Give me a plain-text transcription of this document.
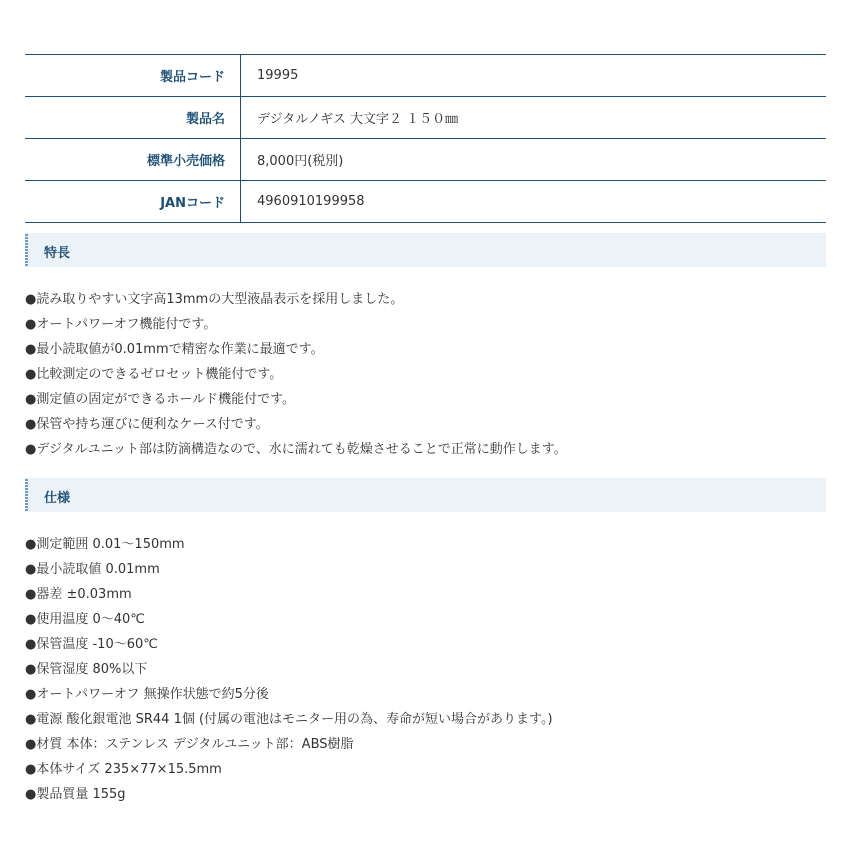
製品コード	19995
製品名	デジタルノギス 大文字２ １５０㎜
標準小売価格	8,000円(税別)
JANコード	4960910199958
特長
●読み取りやすい文字高13mmの大型液晶表示を採用しました。
●オートパワーオフ機能付です。
●最小読取値が0.01mmで精密な作業に最適です。
●比較測定のできるゼロセット機能付です。
●測定値の固定ができるホールド機能付です。
●保管や持ち運びに便利なケース付です。
●デジタルユニット部は防滴構造なので、水に濡れても乾燥させることで正常に動作します。
仕様
●測定範囲 0.01～150mm
●最小読取値 0.01mm
●器差 ±0.03mm
●使用温度 0～40℃
●保管温度 -10～60℃
●保管湿度 80%以下
●オートパワーオフ 無操作状態で約5分後
●電源 酸化銀電池 SR44 1個 (付属の電池はモニター用の為、寿命が短い場合があります。)
●材質 本体：ステンレス デジタルユニット部：ABS樹脂
●本体サイズ 235×77×15.5mm
●製品質量 155g
